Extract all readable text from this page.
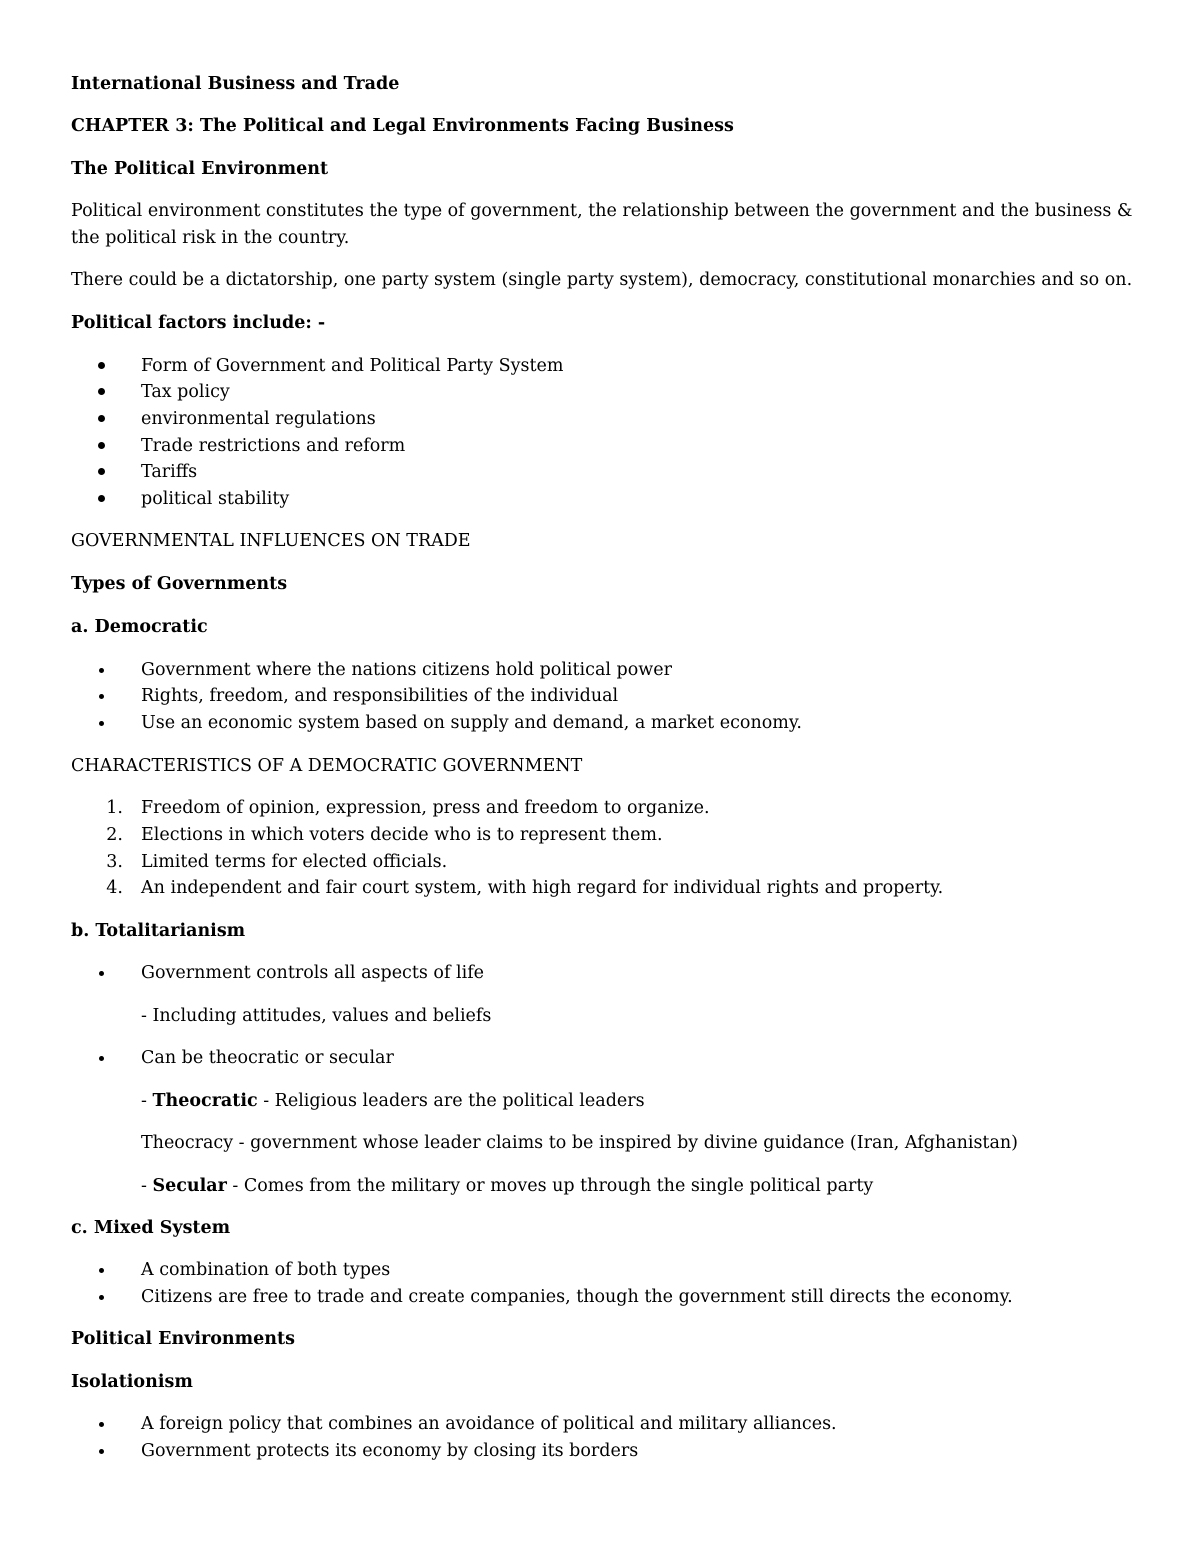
International Business and Trade
CHAPTER 3: The Political and Legal Environments Facing Business
The Political Environment
Political environment constitutes the type of government, the relationship between the government and the business & the political risk in the country.
There could be a dictatorship, one party system (single party system), democracy, constitutional monarchies and so on.
Political factors include: -
Form of Government and Political Party System
Tax policy
environmental regulations
Trade restrictions and reform
Tariffs
political stability
GOVERNMENTAL INFLUENCES ON TRADE
Types of Governments
a. Democratic
Government where the nations citizens hold political power
Rights, freedom, and responsibilities of the individual
Use an economic system based on supply and demand, a market economy.
CHARACTERISTICS OF A DEMOCRATIC GOVERNMENT
1. Freedom of opinion, expression, press and freedom to organize.
2. Elections in which voters decide who is to represent them.
3. Limited terms for elected officials.
4. An independent and fair court system, with high regard for individual rights and property.
b. Totalitarianism
Government controls all aspects of life
- Including attitudes, values and beliefs
Can be theocratic or secular
- Theocratic - Religious leaders are the political leaders
Theocracy - government whose leader claims to be inspired by divine guidance (Iran, Afghanistan)
- Secular - Comes from the military or moves up through the single political party
c. Mixed System
A combination of both types
Citizens are free to trade and create companies, though the government still directs the economy.
Political Environments
Isolationism
A foreign policy that combines an avoidance of political and military alliances.
Government protects its economy by closing its borders
